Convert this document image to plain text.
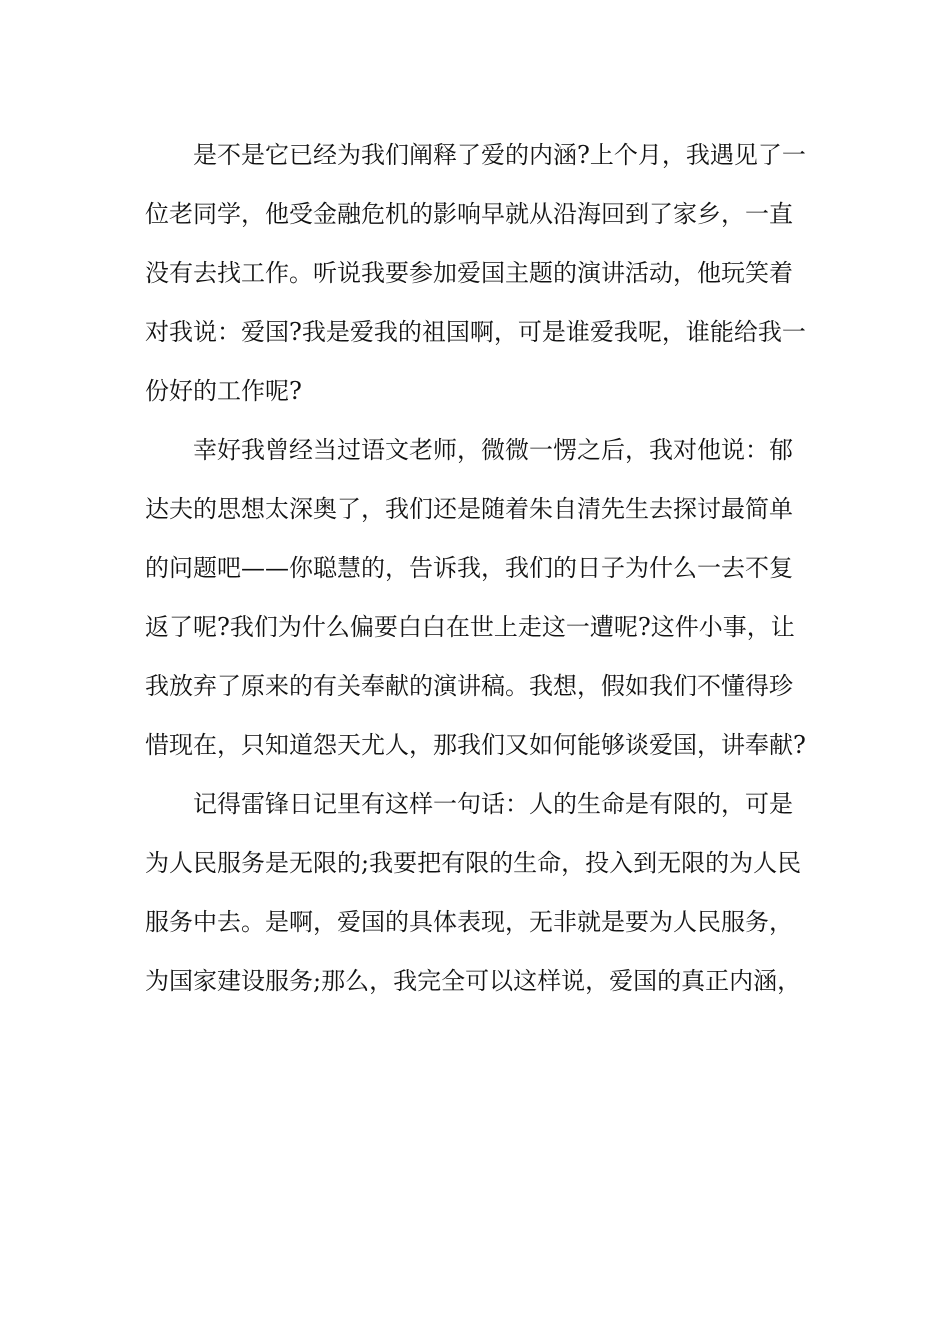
是不是它已经为我们阐释了爱的内涵?上个月，我遇见了一
位老同学，他受金融危机的影响早就从沿海回到了家乡，一直
没有去找工作。听说我要参加爱国主题的演讲活动，他玩笑着
对我说：爱国?我是爱我的祖国啊，可是谁爱我呢，谁能给我一
份好的工作呢?
幸好我曾经当过语文老师，微微一愣之后，我对他说：郁
达夫的思想太深奥了，我们还是随着朱自清先生去探讨最简单
的问题吧——你聪慧的，告诉我，我们的日子为什么一去不复
返了呢?我们为什么偏要白白在世上走这一遭呢?这件小事，让
我放弃了原来的有关奉献的演讲稿。我想，假如我们不懂得珍
惜现在，只知道怨天尤人，那我们又如何能够谈爱国，讲奉献?
记得雷锋日记里有这样一句话：人的生命是有限的，可是
为人民服务是无限的;我要把有限的生命，投入到无限的为人民
服务中去。是啊，爱国的具体表现，无非就是要为人民服务，
为国家建设服务;那么，我完全可以这样说，爱国的真正内涵，
